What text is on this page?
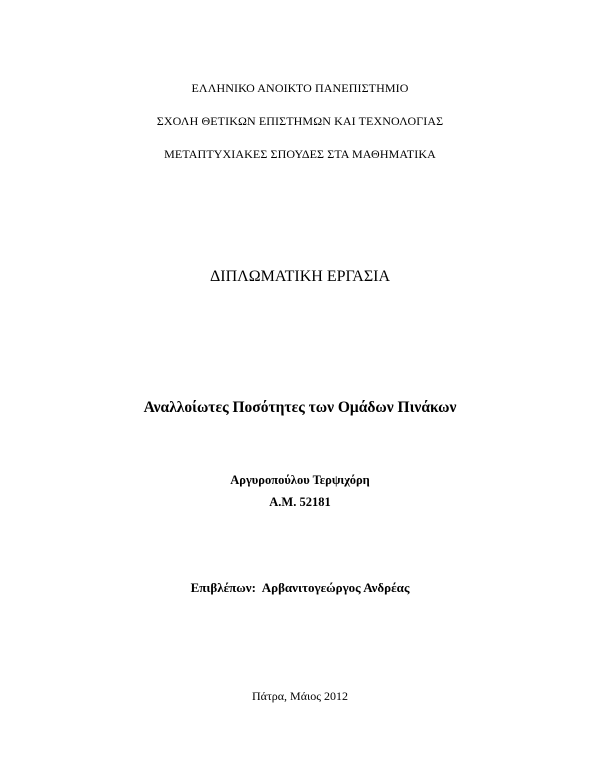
ΕΛΛΗΝΙΚΟ ΑΝΟΙΚΤΟ ΠΑΝΕΠΙΣΤΗΜΙΟ
ΣΧΟΛΗ ΘΕΤΙΚΩΝ ΕΠΙΣΤΗΜΩΝ ΚΑΙ ΤΕΧΝΟΛΟΓΙΑΣ
ΜΕΤΑΠΤΥΧΙΑΚΕΣ ΣΠΟΥΔΕΣ ΣΤΑ ΜΑΘΗΜΑΤΙΚΑ
ΔΙΠΛΩΜΑΤΙΚΗ ΕΡΓΑΣΙΑ
Αναλλοίωτες Ποσότητες των Ομάδων Πινάκων
Αργυροπούλου Τερψιχόρη
Α.Μ. 52181
Επιβλέπων:  Αρβανιτογεώργος Ανδρέας
Πάτρα, Μάιος 2012
